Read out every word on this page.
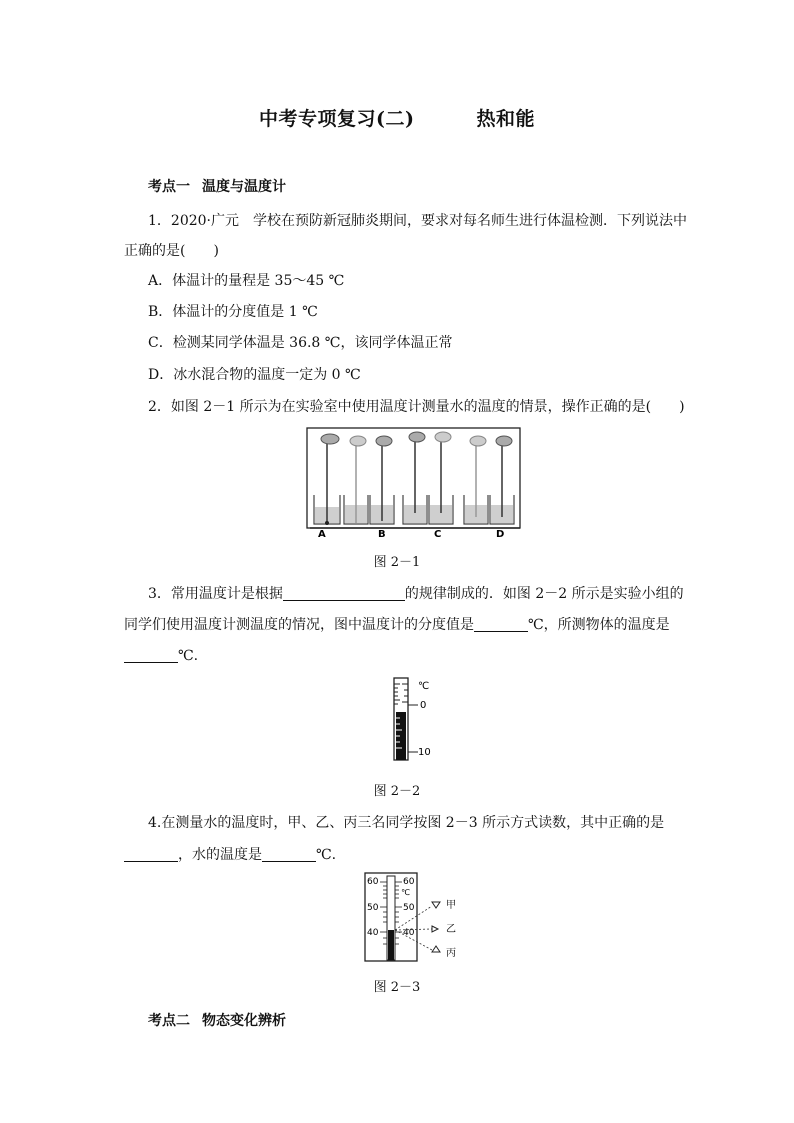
中考专项复习(二)	热和能
考点一 温度与温度计
1．2020·广元　学校在预防新冠肺炎期间，要求对每名师生进行体温检测．下列说法中
正确的是(　　)
A．体温计的量程是 35～45 ℃
B．体温计的分度值是 1 ℃
C．检测某同学体温是 36.8 ℃，该同学体温正常
D．冰水混合物的温度一定为 0 ℃
2．如图 2－1 所示为在实验室中使用温度计测量水的温度的情景，操作正确的是(　　)
A	B	C	D
图 2－1
3．常用温度计是根据	的规律制成的．如图 2－2 所示是实验小组的
同学们使用温度计测温度的情况，图中温度计的分度值是	℃，所测物体的温度是
℃.
℃
0
10
图 2－2
4.在测量水的温度时，甲、乙、丙三名同学按图 2－3 所示方式读数，其中正确的是
，水的温度是	℃.
60
50
40
60
℃
50
40
甲
乙
丙
图 2－3
考点二 物态变化辨析
